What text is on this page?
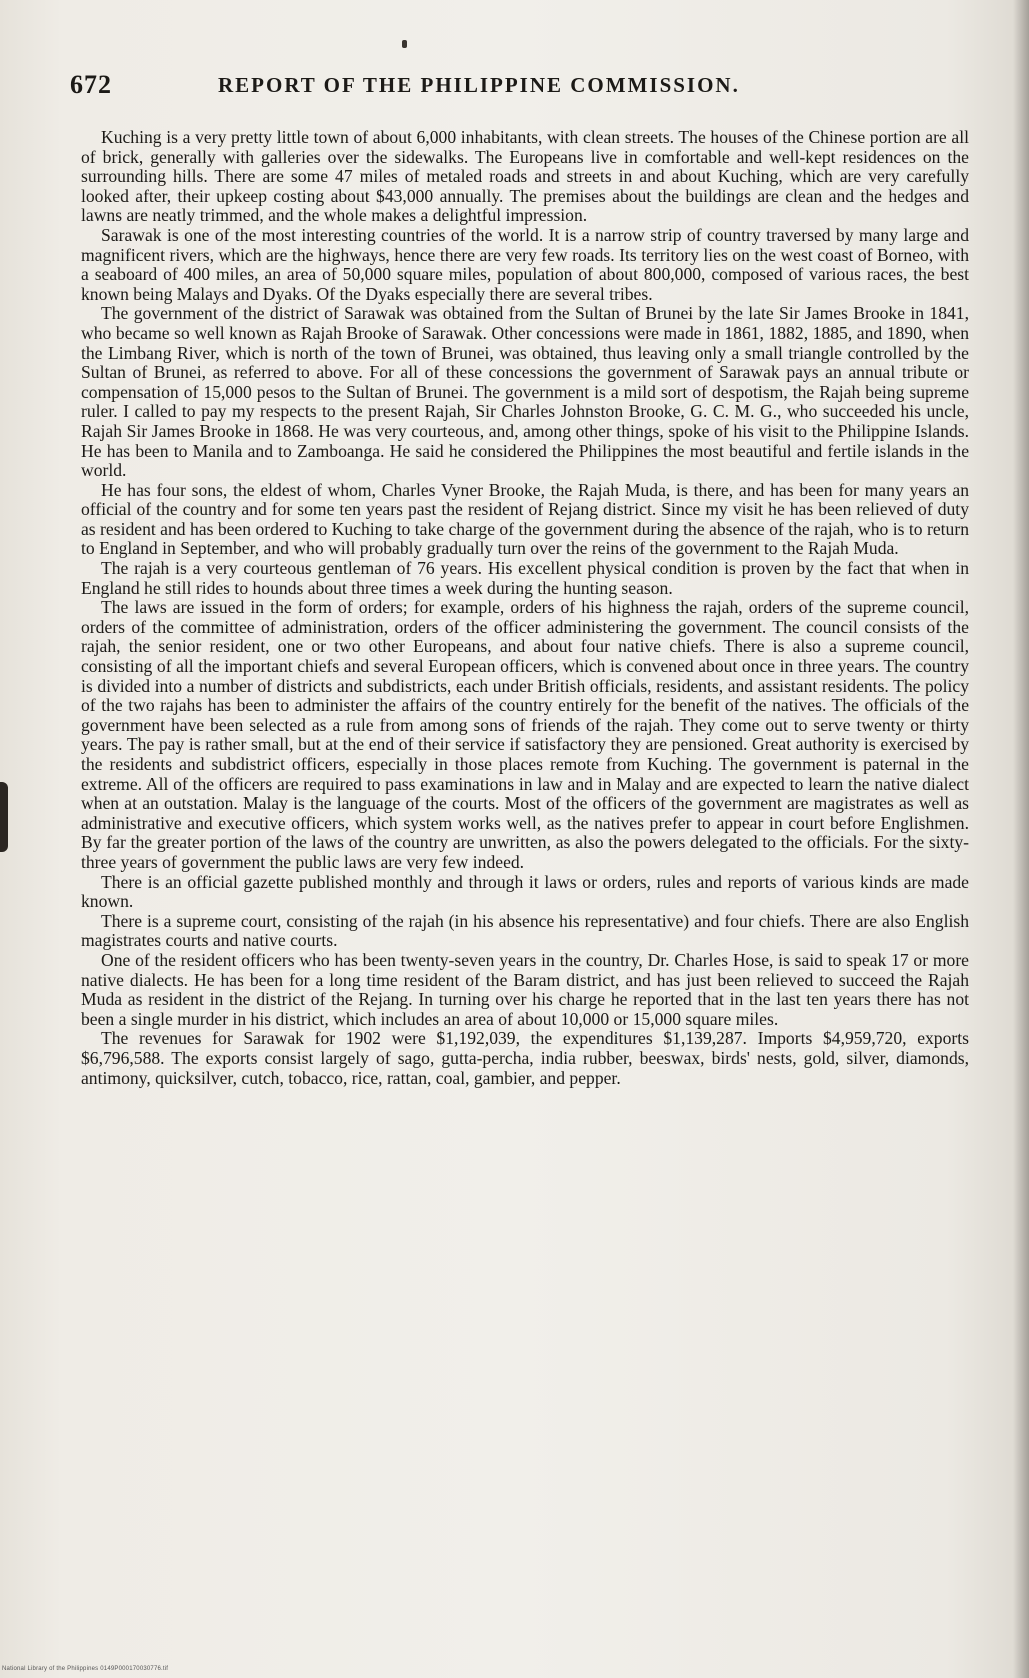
672	REPORT OF THE PHILIPPINE COMMISSION.

Kuching is a very pretty little town of about 6,000 inhabitants, with clean streets. The houses of the Chinese portion are all of brick, generally with galleries over the sidewalks. The Europeans live in comfortable and well-kept residences on the surrounding hills. There are some 47 miles of metaled roads and streets in and about Kuching, which are very carefully looked after, their upkeep costing about $43,000 annually. The premises about the buildings are clean and the hedges and lawns are neatly trimmed, and the whole makes a delightful impression.

Sarawak is one of the most interesting countries of the world. It is a narrow strip of country traversed by many large and magnificent rivers, which are the highways, hence there are very few roads. Its territory lies on the west coast of Borneo, with a seaboard of 400 miles, an area of 50,000 square miles, population of about 800,000, composed of various races, the best known being Malays and Dyaks. Of the Dyaks especially there are several tribes.

The government of the district of Sarawak was obtained from the Sultan of Brunei by the late Sir James Brooke in 1841, who became so well known as Rajah Brooke of Sarawak. Other concessions were made in 1861, 1882, 1885, and 1890, when the Limbang River, which is north of the town of Brunei, was obtained, thus leaving only a small triangle controlled by the Sultan of Brunei, as referred to above. For all of these concessions the government of Sarawak pays an annual tribute or compensation of 15,000 pesos to the Sultan of Brunei. The government is a mild sort of despotism, the Rajah being supreme ruler. I called to pay my respects to the present Rajah, Sir Charles Johnston Brooke, G. C. M. G., who succeeded his uncle, Rajah Sir James Brooke in 1868. He was very courteous, and, among other things, spoke of his visit to the Philippine Islands. He has been to Manila and to Zamboanga. He said he considered the Philippines the most beautiful and fertile islands in the world.

He has four sons, the eldest of whom, Charles Vyner Brooke, the Rajah Muda, is there, and has been for many years an official of the country and for some ten years past the resident of Rejang district. Since my visit he has been relieved of duty as resident and has been ordered to Kuching to take charge of the government during the absence of the rajah, who is to return to England in September, and who will probably gradually turn over the reins of the government to the Rajah Muda.

The rajah is a very courteous gentleman of 76 years. His excellent physical condition is proven by the fact that when in England he still rides to hounds about three times a week during the hunting season.

The laws are issued in the form of orders; for example, orders of his highness the rajah, orders of the supreme council, orders of the committee of administration, orders of the officer administering the government. The council consists of the rajah, the senior resident, one or two other Europeans, and about four native chiefs. There is also a supreme council, consisting of all the important chiefs and several European officers, which is convened about once in three years. The country is divided into a number of districts and subdistricts, each under British officials, residents, and assistant residents. The policy of the two rajahs has been to administer the affairs of the country entirely for the benefit of the natives. The officials of the government have been selected as a rule from among sons of friends of the rajah. They come out to serve twenty or thirty years. The pay is rather small, but at the end of their service if satisfactory they are pensioned. Great authority is exercised by the residents and subdistrict officers, especially in those places remote from Kuching. The government is paternal in the extreme. All of the officers are required to pass examinations in law and in Malay and are expected to learn the native dialect when at an outstation. Malay is the language of the courts. Most of the officers of the government are magistrates as well as administrative and executive officers, which system works well, as the natives prefer to appear in court before Englishmen. By far the greater portion of the laws of the country are unwritten, as also the powers delegated to the officials. For the sixty-three years of government the public laws are very few indeed.

There is an official gazette published monthly and through it laws or orders, rules and reports of various kinds are made known.

There is a supreme court, consisting of the rajah (in his absence his representative) and four chiefs. There are also English magistrates courts and native courts.

One of the resident officers who has been twenty-seven years in the country, Dr. Charles Hose, is said to speak 17 or more native dialects. He has been for a long time resident of the Baram district, and has just been relieved to succeed the Rajah Muda as resident in the district of the Rejang. In turning over his charge he reported that in the last ten years there has not been a single murder in his district, which includes an area of about 10,000 or 15,000 square miles.

The revenues for Sarawak for 1902 were $1,192,039, the expenditures $1,139,287. Imports $4,959,720, exports $6,796,588. The exports consist largely of sago, gutta-percha, india rubber, beeswax, birds' nests, gold, silver, diamonds, antimony, quicksilver, cutch, tobacco, rice, rattan, coal, gambier, and pepper.

National Library of the Philippines 0149P000170030776.tif
